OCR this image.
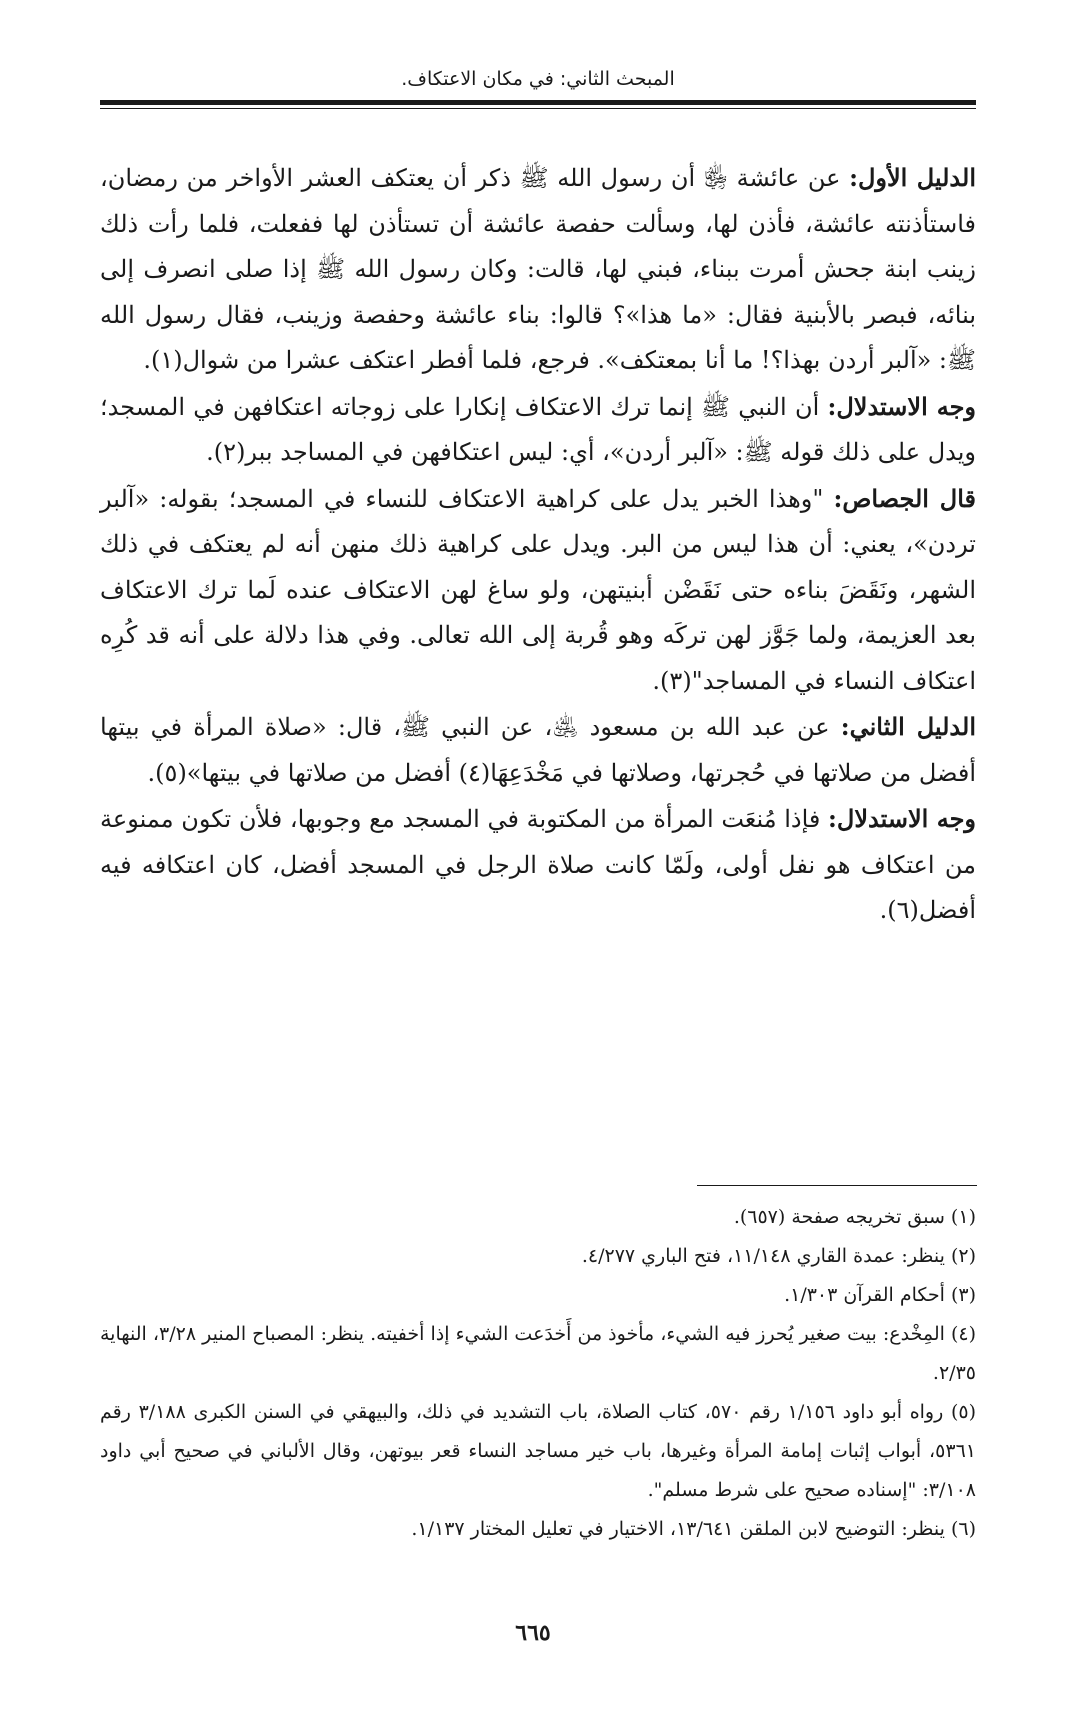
المبحث الثاني: في مكان الاعتكاف.

الدليل الأول: عن عائشة ﵂ أن رسول الله ﷺ ذكر أن يعتكف العشر الأواخر من رمضان، فاستأذنته عائشة، فأذن لها، وسألت حفصة عائشة أن تستأذن لها ففعلت، فلما رأت ذلك زينب ابنة جحش أمرت ببناء، فبني لها، قالت: وكان رسول الله ﷺ إذا صلى انصرف إلى بنائه، فبصر بالأبنية فقال: «ما هذا»؟ قالوا: بناء عائشة وحفصة وزينب، فقال رسول الله ﷺ: «آلبر أردن بهذا؟! ما أنا بمعتكف». فرجع، فلما أفطر اعتكف عشرا من شوال(١).

وجه الاستدلال: أن النبي ﷺ إنما ترك الاعتكاف إنكارا على زوجاته اعتكافهن في المسجد؛ ويدل على ذلك قوله ﷺ: «آلبر أردن»، أي: ليس اعتكافهن في المساجد ببر(٢).

قال الجصاص: "وهذا الخبر يدل على كراهية الاعتكاف للنساء في المسجد؛ بقوله: «آلبر تردن»، يعني: أن هذا ليس من البر. ويدل على كراهية ذلك منهن أنه لم يعتكف في ذلك الشهر، ونَقَضَ بناءه حتى نَقَضْن أبنيتهن، ولو ساغ لهن الاعتكاف عنده لَما ترك الاعتكاف بعد العزيمة، ولما جَوَّز لهن تركَه وهو قُربة إلى الله تعالى. وفي هذا دلالة على أنه قد كُرِه اعتكاف النساء في المساجد"(٣).

الدليل الثاني: عن عبد الله بن مسعود ﵁، عن النبي ﷺ، قال: «صلاة المرأة في بيتها أفضل من صلاتها في حُجرتها، وصلاتها في مَخْدَعِهَا(٤) أفضل من صلاتها في بيتها»(٥).

وجه الاستدلال: فإذا مُنعَت المرأة من المكتوبة في المسجد مع وجوبها، فلأن تكون ممنوعة من اعتكاف هو نفل أولى، ولَمّا كانت صلاة الرجل في المسجد أفضل، كان اعتكافه فيه أفضل(٦).

(١) سبق تخريجه صفحة (٦٥٧).

(٢) ينظر: عمدة القاري ١١/١٤٨، فتح الباري ٤/٢٧٧.

(٣) أحكام القرآن ١/٣٠٣.

(٤) المِخْدع: بيت صغير يُحرز فيه الشيء، مأخوذ من أَخدَعت الشيء إذا أخفيته. ينظر: المصباح المنير ٣/٢٨، النهاية ٢/٣٥.

(٥) رواه أبو داود ١/١٥٦ رقم ٥٧٠، كتاب الصلاة، باب التشديد في ذلك، والبيهقي في السنن الكبرى ٣/١٨٨ رقم ٥٣٦١، أبواب إثبات إمامة المرأة وغيرها، باب خير مساجد النساء قعر بيوتهن، وقال الألباني في صحيح أبي داود ٣/١٠٨: "إسناده صحيح على شرط مسلم".

(٦) ينظر: التوضيح لابن الملقن ١٣/٦٤١، الاختيار في تعليل المختار ١/١٣٧.

٦٦٥
